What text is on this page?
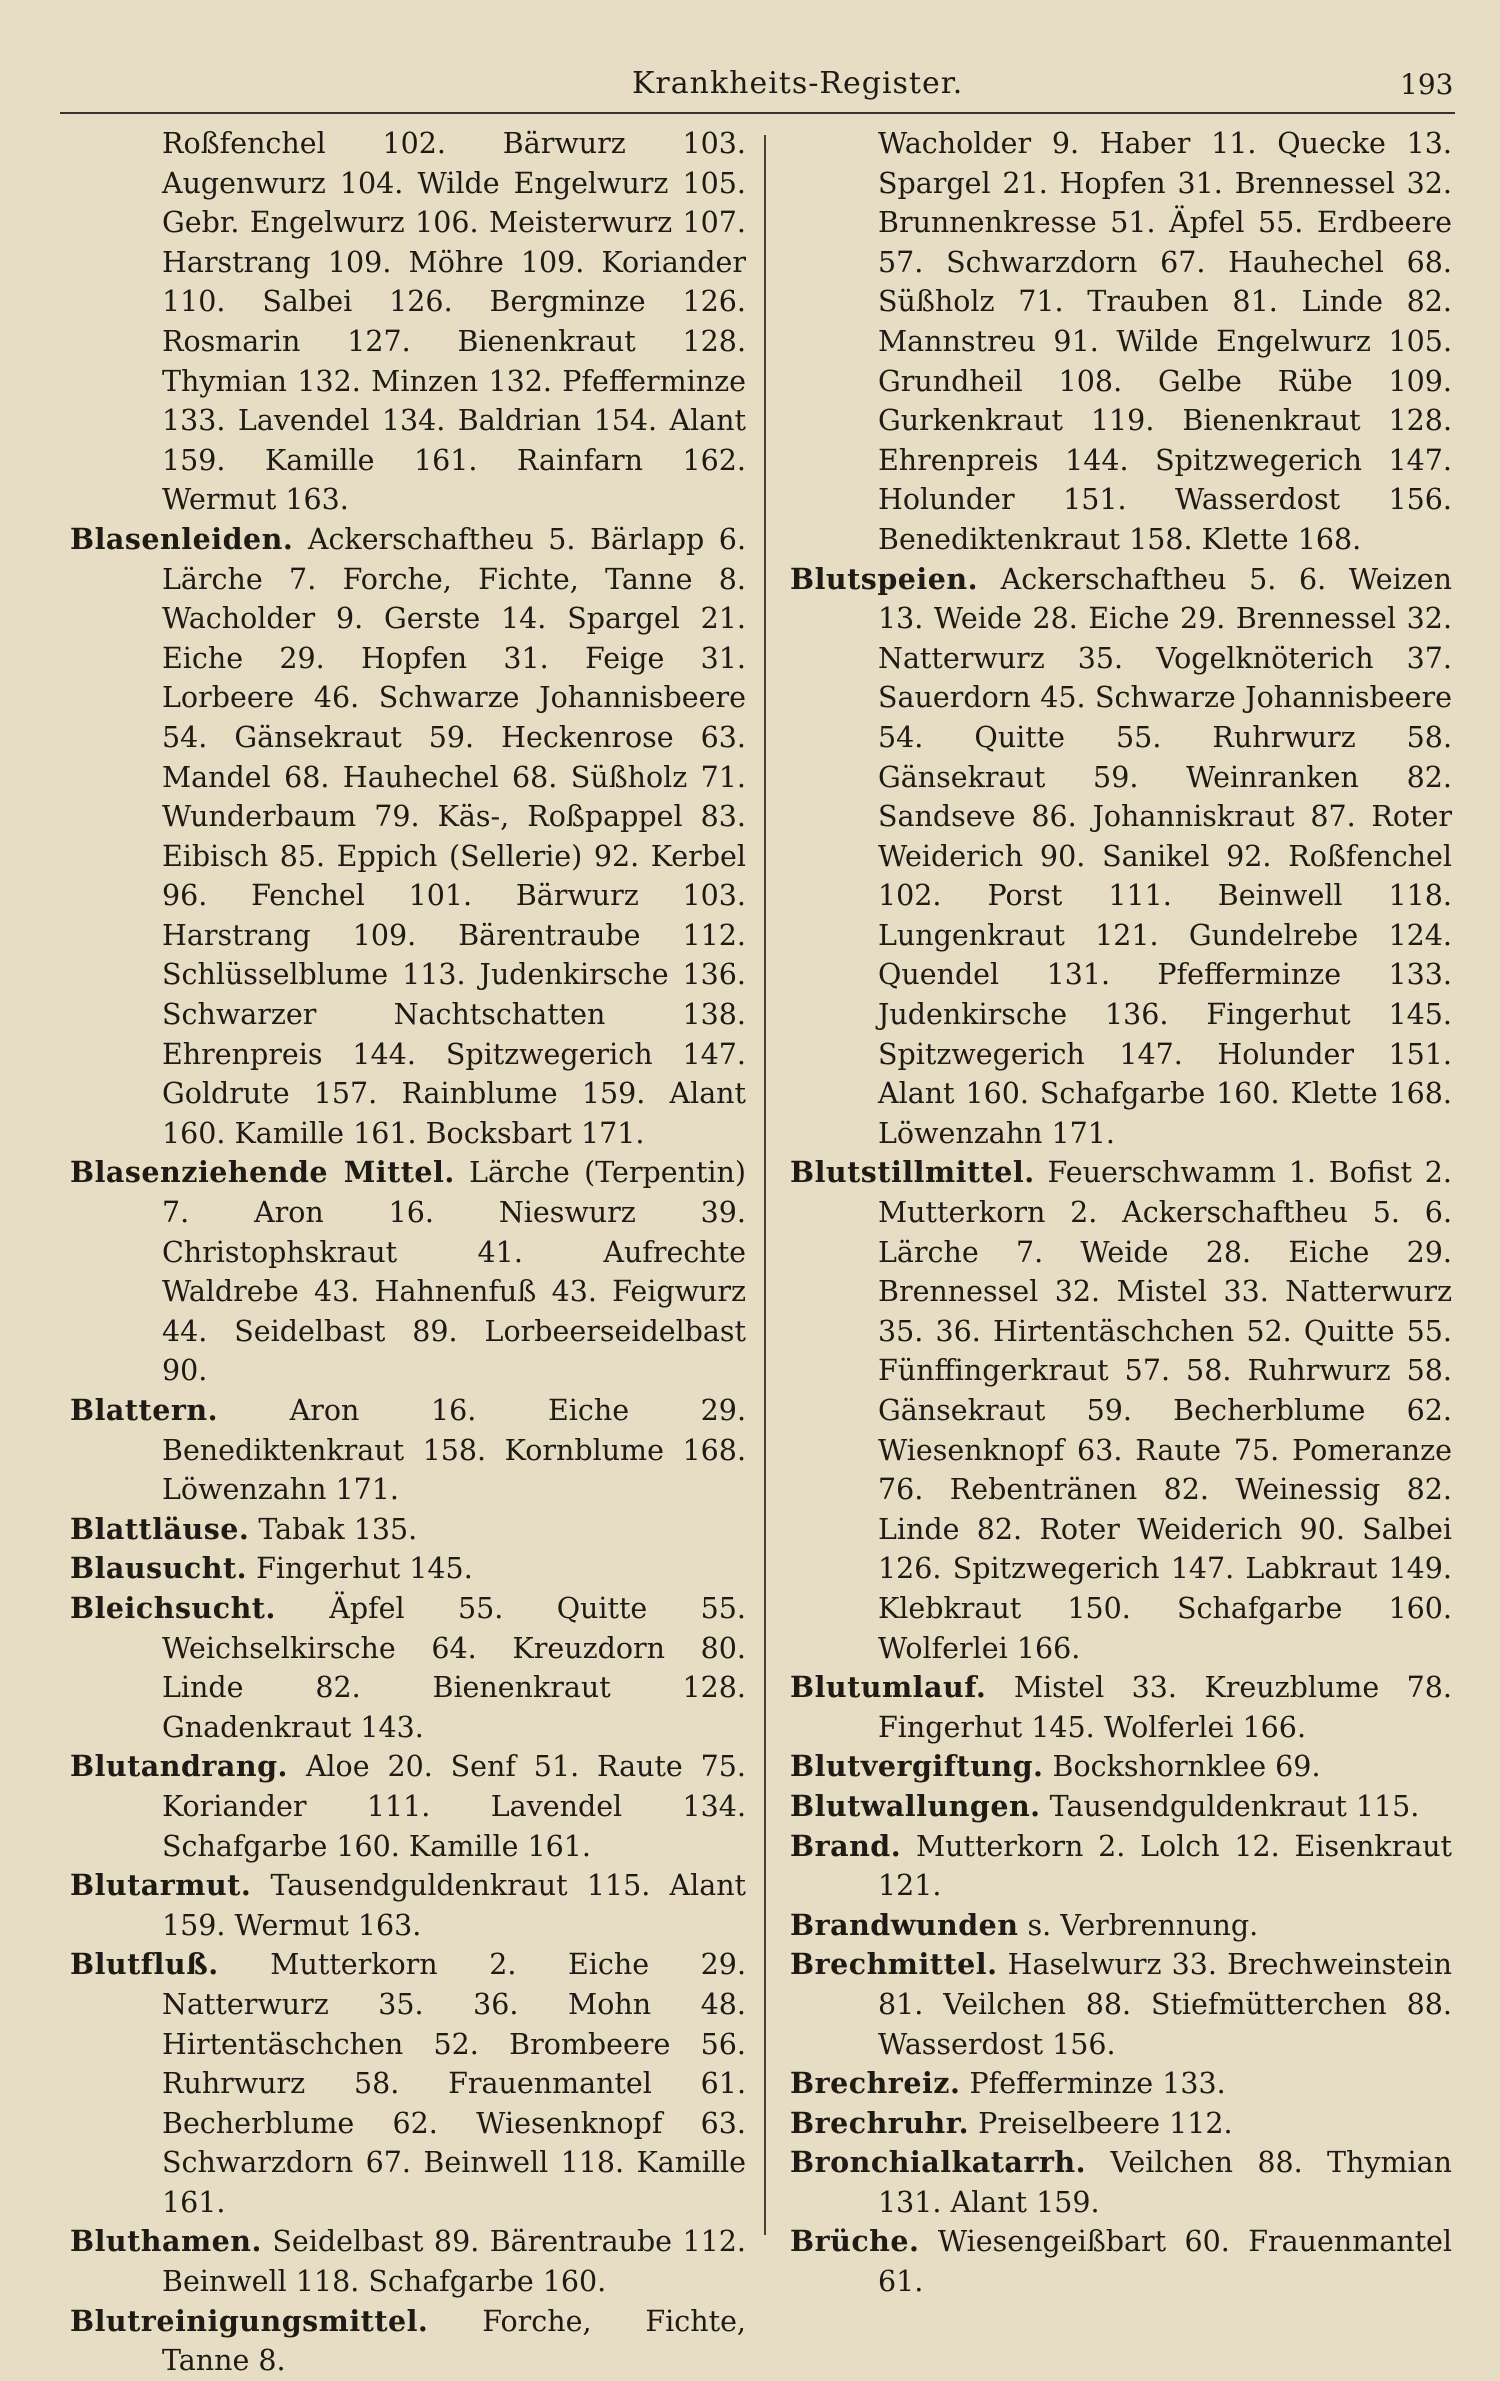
Krankheits-Register.	193

Roßfenchel 102. Bärwurz 103. Augenwurz 104. Wilde Engelwurz 105. Gebr. Engelwurz 106. Meisterwurz 107. Harstrang 109. Möhre 109. Koriander 110. Salbei 126. Bergminze 126. Rosmarin 127. Bienenkraut 128. Thymian 132. Minzen 132. Pfefferminze 133. Lavendel 134. Baldrian 154. Alant 159. Kamille 161. Rainfarn 162. Wermut 163.

Blasenleiden. Ackerschaftheu 5. Bärlapp 6. Lärche 7. Forche, Fichte, Tanne 8. Wacholder 9. Gerste 14. Spargel 21. Eiche 29. Hopfen 31. Feige 31. Lorbeere 46. Schwarze Johannisbeere 54. Gänsekraut 59. Heckenrose 63. Mandel 68. Hauhechel 68. Süßholz 71. Wunderbaum 79. Käs-, Roßpappel 83. Eibisch 85. Eppich (Sellerie) 92. Kerbel 96. Fenchel 101. Bärwurz 103. Harstrang 109. Bärentraube 112. Schlüsselblume 113. Judenkirsche 136. Schwarzer Nachtschatten 138. Ehrenpreis 144. Spitzwegerich 147. Goldrute 157. Rainblume 159. Alant 160. Kamille 161. Bocksbart 171.

Blasenziehende Mittel. Lärche (Terpentin) 7. Aron 16. Nieswurz 39. Christophskraut 41. Aufrechte Waldrebe 43. Hahnenfuß 43. Feigwurz 44. Seidelbast 89. Lorbeerseidelbast 90.

Blattern.	Aron 16. Eiche 29. Benediktenkraut 158. Kornblume 168. Löwenzahn 171.

Blattläuse. Tabak 135.

Blausucht. Fingerhut 145.

Bleichsucht. Äpfel 55. Quitte 55. Weichselkirsche 64. Kreuzdorn 80. Linde 82. Bienenkraut 128. Gnadenkraut 143.

Blutandrang. Aloe 20. Senf 51. Raute 75. Koriander 111. Lavendel 134. Schafgarbe 160. Kamille 161.

Blutarmut. Tausendguldenkraut 115. Alant 159. Wermut 163.

Blutfluß. Mutterkorn 2. Eiche 29. Natterwurz 35. 36. Mohn 48. Hirtentäschchen 52. Brombeere 56. Ruhrwurz 58. Frauenmantel 61. Becherblume 62. Wiesenknopf 63. Schwarzdorn 67. Beinwell 118. Kamille 161.

Bluthamen. Seidelbast 89. Bärentraube 112. Beinwell 118. Schafgarbe 160.

Blutreinigungsmittel. Forche, Fichte, Tanne 8.

Wacholder 9. Haber 11. Quecke 13. Spargel 21. Hopfen 31. Brennessel 32. Brunnenkresse 51. Äpfel 55. Erdbeere 57. Schwarzdorn 67. Hauhechel 68. Süßholz 71. Trauben 81. Linde 82. Mannstreu 91. Wilde Engelwurz 105. Grundheil 108. Gelbe Rübe 109. Gurkenkraut 119. Bienenkraut 128. Ehrenpreis 144. Spitzwegerich 147. Holunder 151. Wasserdost 156. Benediktenkraut 158. Klette 168.

Blutspeien. Ackerschaftheu 5. 6. Weizen 13. Weide 28. Eiche 29. Brennessel 32. Natterwurz 35. Vogelknöterich 37. Sauerdorn 45. Schwarze Johannisbeere 54. Quitte 55. Ruhrwurz 58. Gänsekraut 59. Weinranken 82. Sandseve 86. Johanniskraut 87. Roter Weiderich 90. Sanikel 92. Roßfenchel 102. Porst 111. Beinwell 118. Lungenkraut 121. Gundelrebe 124. Quendel 131. Pfefferminze 133. Judenkirsche 136. Fingerhut 145. Spitzwegerich 147. Holunder 151. Alant 160. Schafgarbe 160. Klette 168. Löwenzahn 171.

Blutstillmittel. Feuerschwamm 1. Bofist 2. Mutterkorn 2. Ackerschaftheu 5. 6. Lärche 7. Weide 28. Eiche 29. Brennessel 32. Mistel 33. Natterwurz 35. 36. Hirtentäschchen 52. Quitte 55. Fünffingerkraut 57. 58. Ruhrwurz 58. Gänsekraut 59. Becherblume 62. Wiesenknopf 63. Raute 75. Pomeranze 76. Rebentränen 82. Weinessig 82. Linde 82. Roter Weiderich 90. Salbei 126. Spitzwegerich 147. Labkraut 149. Klebkraut 150. Schafgarbe 160. Wolferlei 166.

Blutumlauf. Mistel 33. Kreuzblume 78. Fingerhut 145. Wolferlei 166.

Blutvergiftung. Bockshornklee 69.

Blutwallungen. Tausendguldenkraut 115.

Brand. Mutterkorn 2. Lolch 12. Eisenkraut 121.

Brandwunden s. Verbrennung.

Brechmittel. Haselwurz 33. Brechweinstein 81. Veilchen 88. Stiefmütterchen 88. Wasserdost 156.

Brechreiz. Pfefferminze 133.

Brechruhr. Preiselbeere 112.

Bronchialkatarrh. Veilchen 88. Thymian 131. Alant 159.

Brüche. Wiesengeißbart 60. Frauenmantel 61.
